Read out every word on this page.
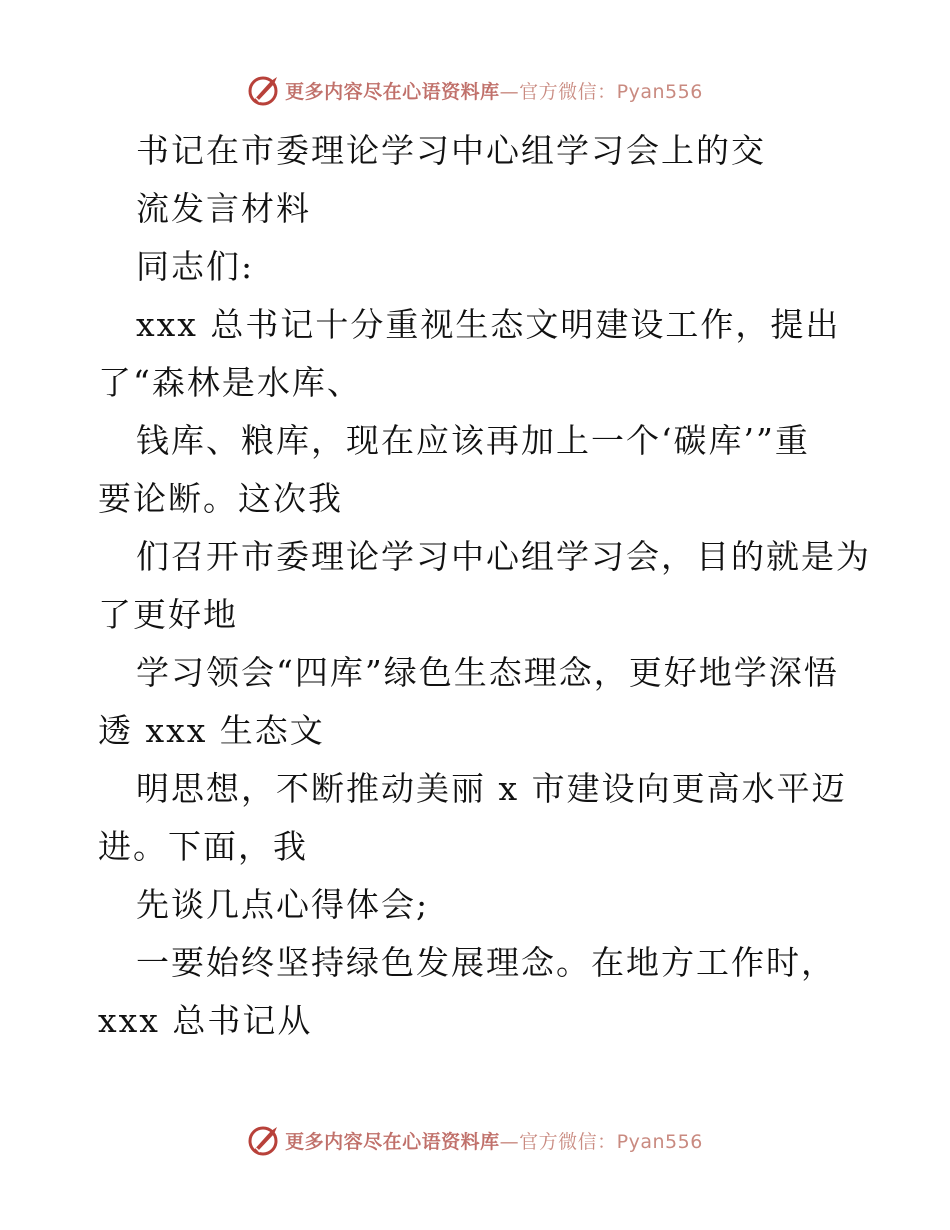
更多内容尽在心语资料库—官方微信：Pyan556
书记在市委理论学习中心组学习会上的交
流发言材料
同志们:
xxx 总书记十分重视生态文明建设工作，提出
了“森林是水库、
钱库、粮库，现在应该再加上一个‘碳库’”重
要论断。这次我
们召开市委理论学习中心组学习会，目的就是为
了更好地
学习领会“四库”绿色生态理念，更好地学深悟
透 xxx 生态文
明思想，不断推动美丽 x 市建设向更高水平迈
进。下面，我
先谈几点心得体会;
一要始终坚持绿色发展理念。在地方工作时，
xxx 总书记从
更多内容尽在心语资料库—官方微信：Pyan556
